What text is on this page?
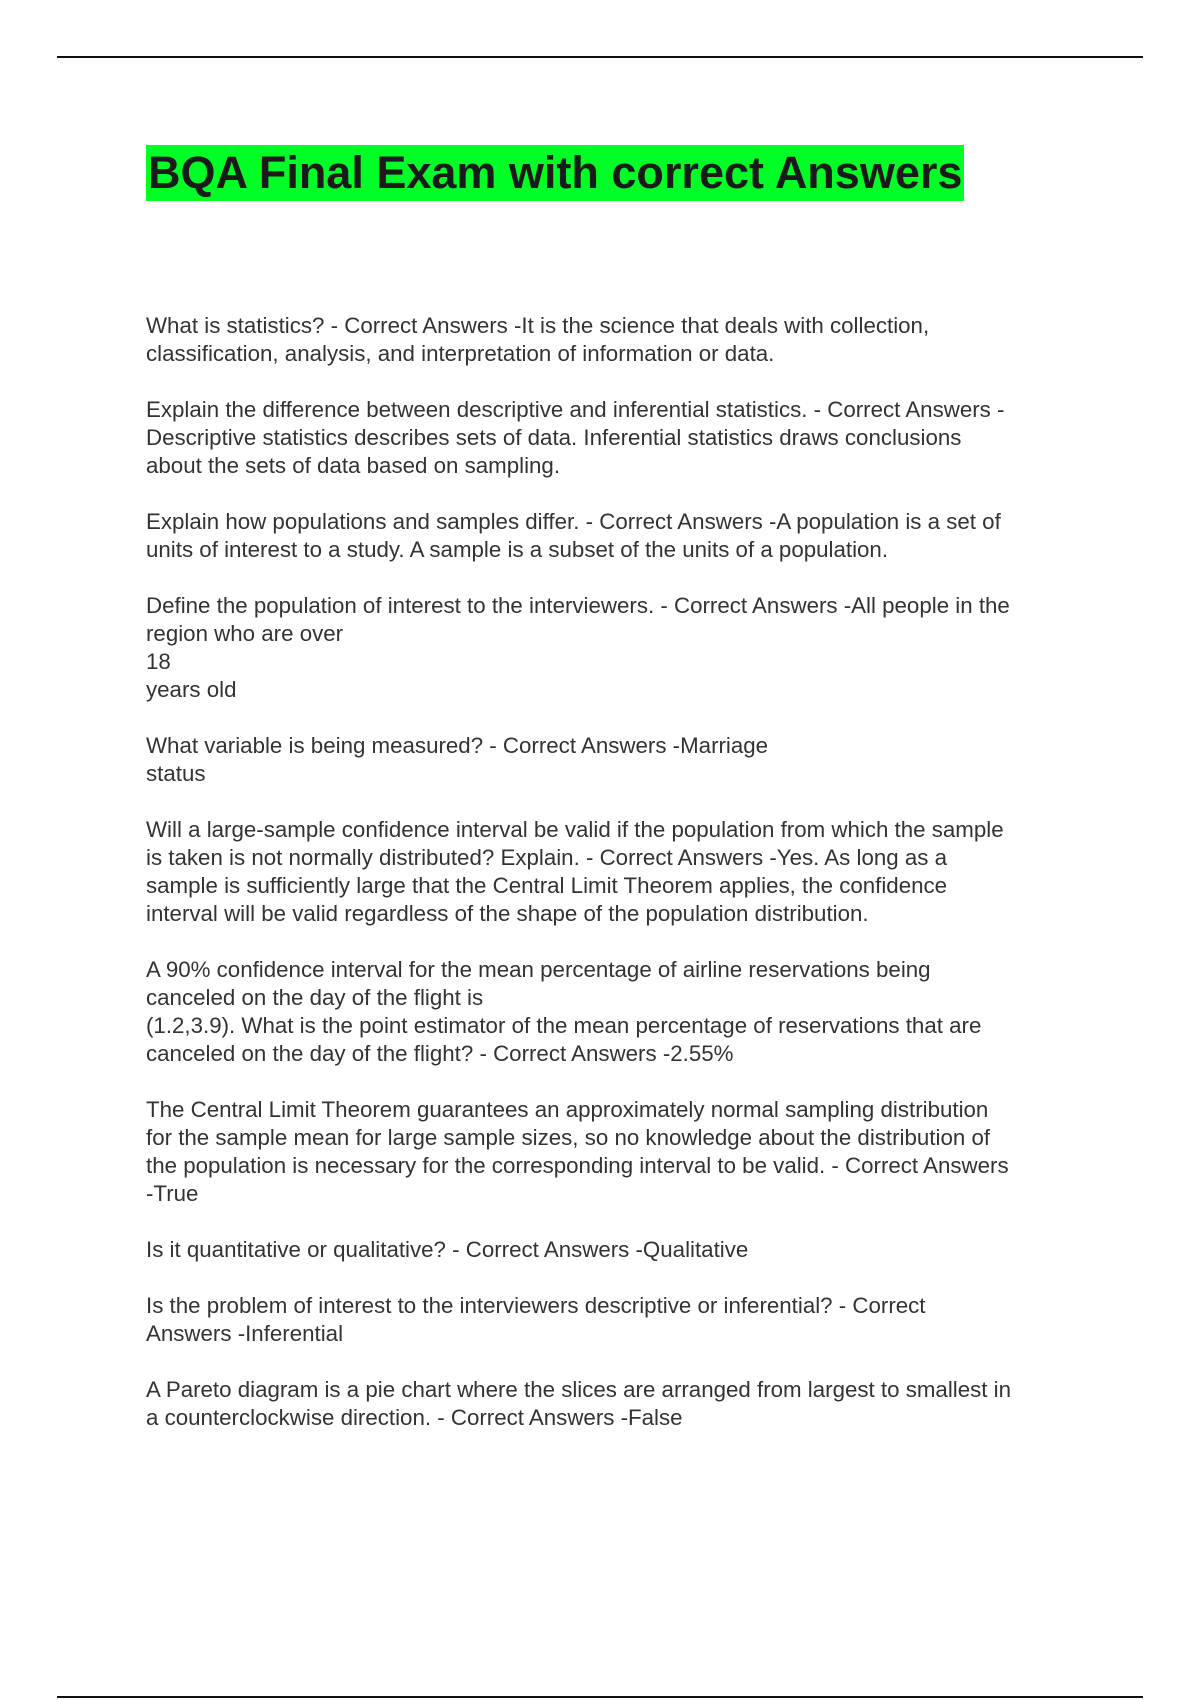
BQA Final Exam with correct Answers

What is statistics? - Correct Answers -It is the science that deals with collection,
classification, analysis, and interpretation of information or data.

Explain the difference between descriptive and inferential statistics. - Correct Answers -
Descriptive statistics describes sets of data. Inferential statistics draws conclusions
about the sets of data based on sampling.

Explain how populations and samples differ. - Correct Answers -A population is a set of
units of interest to a study. A sample is a subset of the units of a population.

Define the population of interest to the interviewers. - Correct Answers -All people in the
region who are over
18
years old

What variable is being measured? - Correct Answers -Marriage
status

Will a large-sample confidence interval be valid if the population from which the sample
is taken is not normally distributed? Explain. - Correct Answers -Yes. As long as a
sample is sufficiently large that the Central Limit Theorem applies, the confidence
interval will be valid regardless of the shape of the population distribution.

A 90% confidence interval for the mean percentage of airline reservations being
canceled on the day of the flight is
(1.2,3.9). What is the point estimator of the mean percentage of reservations that are
canceled on the day of the flight? - Correct Answers -2.55%

The Central Limit Theorem guarantees an approximately normal sampling distribution
for the sample mean for large sample sizes, so no knowledge about the distribution of
the population is necessary for the corresponding interval to be valid. - Correct Answers
-True

Is it quantitative or qualitative? - Correct Answers -Qualitative

Is the problem of interest to the interviewers descriptive or inferential? - Correct
Answers -Inferential

A Pareto diagram is a pie chart where the slices are arranged from largest to smallest in
a counterclockwise direction. - Correct Answers -False
